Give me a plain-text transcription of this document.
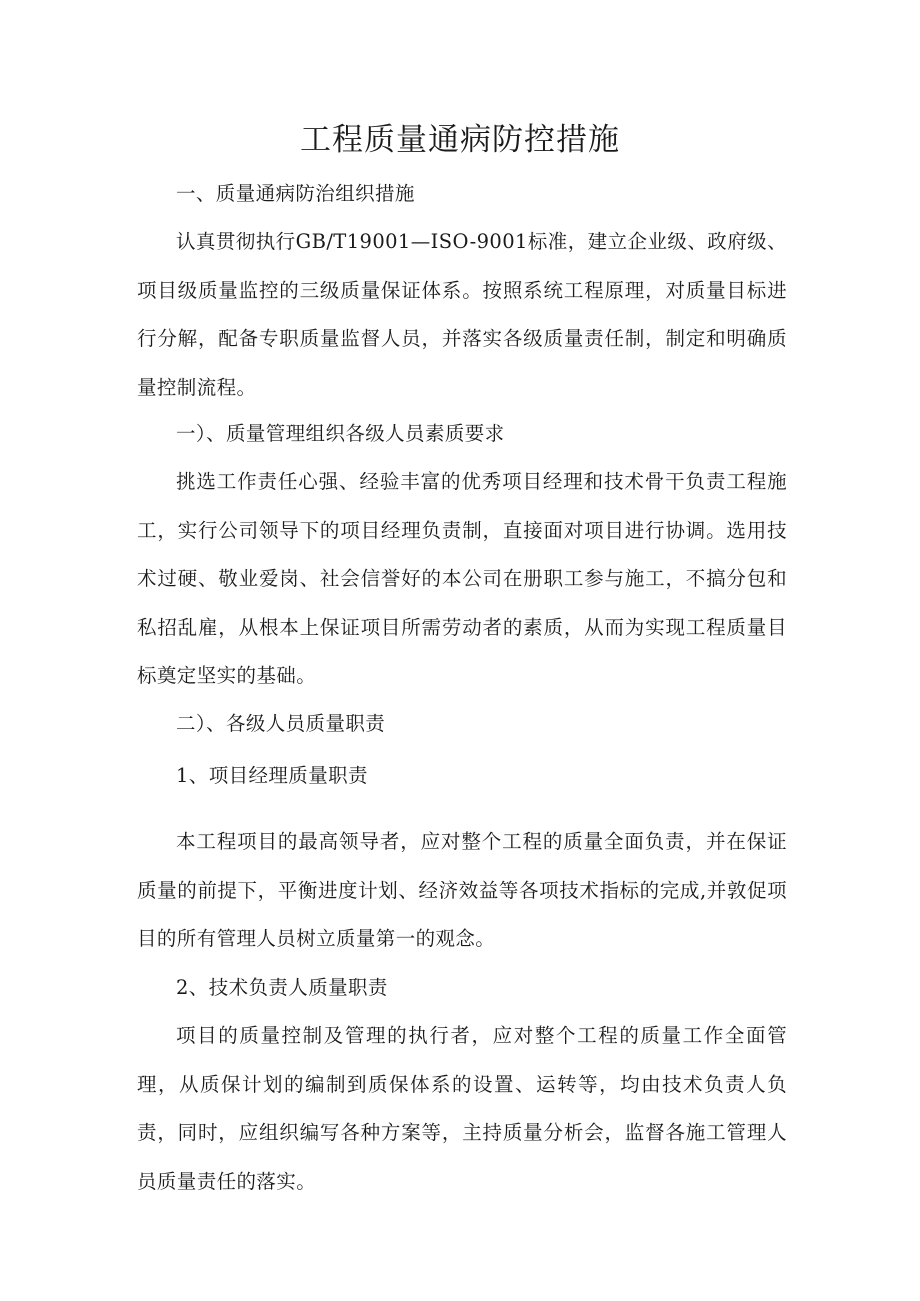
工程质量通病防控措施

一、质量通病防治组织措施

认真贯彻执行GB/T19001—ISO-9001标准，建立企业级、政府级、项目级质量监控的三级质量保证体系。按照系统工程原理，对质量目标进行分解，配备专职质量监督人员，并落实各级质量责任制，制定和明确质量控制流程。

一）、质量管理组织各级人员素质要求

挑选工作责任心强、经验丰富的优秀项目经理和技术骨干负责工程施工，实行公司领导下的项目经理负责制，直接面对项目进行协调。选用技术过硬、敬业爱岗、社会信誉好的本公司在册职工参与施工，不搞分包和私招乱雇，从根本上保证项目所需劳动者的素质，从而为实现工程质量目标奠定坚实的基础。

二）、各级人员质量职责

1、项目经理质量职责

本工程项目的最高领导者，应对整个工程的质量全面负责，并在保证质量的前提下，平衡进度计划、经济效益等各项技术指标的完成,并敦促项目的所有管理人员树立质量第一的观念。

2、技术负责人质量职责

项目的质量控制及管理的执行者，应对整个工程的质量工作全面管理，从质保计划的编制到质保体系的设置、运转等，均由技术负责人负责，同时，应组织编写各种方案等，主持质量分析会，监督各施工管理人员质量责任的落实。
